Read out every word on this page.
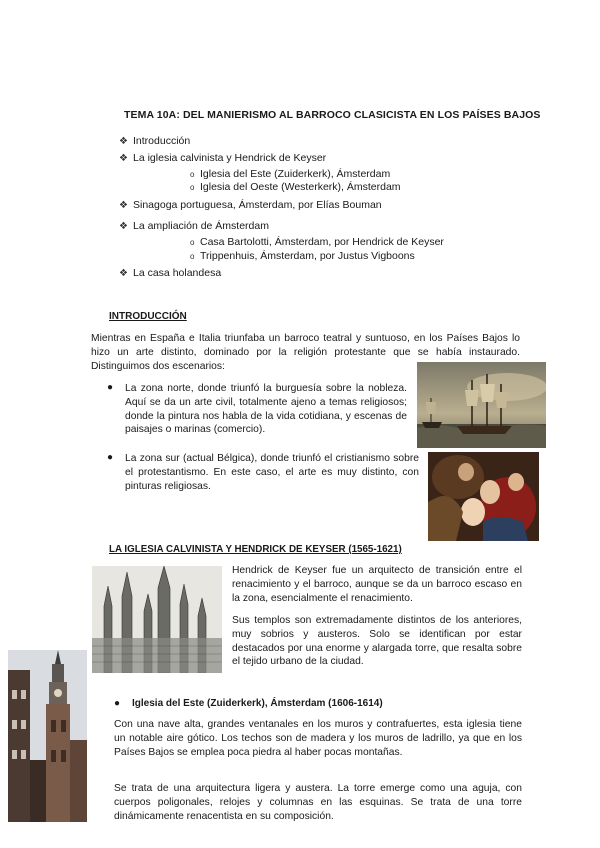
TEMA 10A: DEL MANIERISMO AL BARROCO CLASICISTA EN LOS PAÍSES BAJOS
❖ Introducción
❖ La iglesia calvinista y Hendrick de Keyser
o Iglesia del Este (Zuiderkerk), Ámsterdam
o Iglesia del Oeste (Westerkerk), Ámsterdam
❖ Sinagoga portuguesa, Ámsterdam, por Elías Bouman
❖ La ampliación de Ámsterdam
o Casa Bartolotti, Ámsterdam, por Hendrick de Keyser
o Trippenhuis, Ámsterdam, por Justus Vigboons
❖ La casa holandesa
INTRODUCCIÓN
Mientras en España e Italia triunfaba un barroco teatral y suntuoso, en los Países Bajos lo hizo un arte distinto, dominado por la religión protestante que se había instaurado. Distinguimos dos escenarios:
●	La zona norte, donde triunfó la burguesía sobre la nobleza. Aquí se da un arte civil, totalmente ajeno a temas religiosos; donde la pintura nos habla de la vida cotidiana, y escenas de paisajes o marinas (comercio).
●	La zona sur (actual Bélgica), donde triunfó el cristianismo sobre el protestantismo. En este caso, el arte es muy distinto, con pinturas religiosas.
LA IGLESIA CALVINISTA Y HENDRICK DE KEYSER (1565-1621)
Hendrick de Keyser fue un arquitecto de transición entre el renacimiento y el barroco, aunque se da un barroco escaso en la zona, esencialmente el renacimiento.
Sus templos son extremadamente distintos de los anteriores, muy sobrios y austeros. Solo se identifican por estar destacados por una enorme y alargada torre, que resalta sobre el tejido urbano de la ciudad.
●	Iglesia del Este (Zuiderkerk), Ámsterdam (1606-1614)
Con una nave alta, grandes ventanales en los muros y contrafuertes, esta iglesia tiene un notable aire gótico. Los techos son de madera y los muros de ladrillo, ya que en los Países Bajos se emplea poca piedra al haber pocas montañas.
Se trata de una arquitectura ligera y austera. La torre emerge como una aguja, con cuerpos poligonales, relojes y columnas en las esquinas. Se trata de una torre dinámicamente renacentista en su composición.
